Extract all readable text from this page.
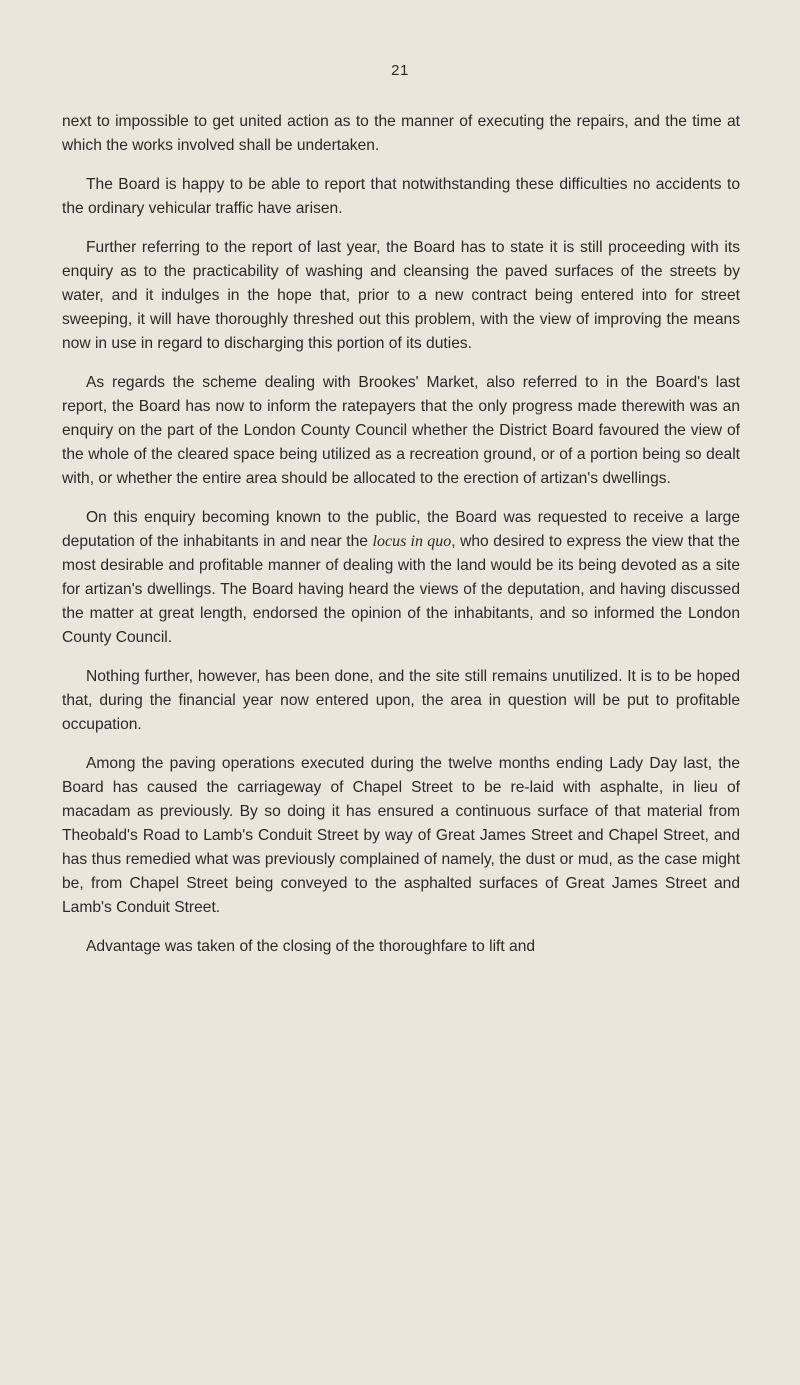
21

next to impossible to get united action as to the manner of executing the repairs, and the time at which the works involved shall be undertaken.

The Board is happy to be able to report that notwithstanding these difficulties no accidents to the ordinary vehicular traffic have arisen.

Further referring to the report of last year, the Board has to state it is still proceeding with its enquiry as to the practicability of washing and cleansing the paved surfaces of the streets by water, and it indulges in the hope that, prior to a new contract being entered into for street sweeping, it will have thoroughly threshed out this problem, with the view of improving the means now in use in regard to discharging this portion of its duties.

As regards the scheme dealing with Brookes' Market, also referred to in the Board's last report, the Board has now to inform the ratepayers that the only progress made therewith was an enquiry on the part of the London County Council whether the District Board favoured the view of the whole of the cleared space being utilized as a recreation ground, or of a portion being so dealt with, or whether the entire area should be allocated to the erection of artizan's dwellings.

On this enquiry becoming known to the public, the Board was requested to receive a large deputation of the inhabitants in and near the locus in quo, who desired to express the view that the most desirable and profitable manner of dealing with the land would be its being devoted as a site for artizan's dwellings. The Board having heard the views of the deputation, and having discussed the matter at great length, endorsed the opinion of the inhabitants, and so informed the London County Council.

Nothing further, however, has been done, and the site still remains unutilized. It is to be hoped that, during the financial year now entered upon, the area in question will be put to profitable occupation.

Among the paving operations executed during the twelve months ending Lady Day last, the Board has caused the carriageway of Chapel Street to be re-laid with asphalte, in lieu of macadam as previously. By so doing it has ensured a continuous surface of that material from Theobald's Road to Lamb's Conduit Street by way of Great James Street and Chapel Street, and has thus remedied what was previously complained of namely, the dust or mud, as the case might be, from Chapel Street being conveyed to the asphalted surfaces of Great James Street and Lamb's Conduit Street.

Advantage was taken of the closing of the thoroughfare to lift and
